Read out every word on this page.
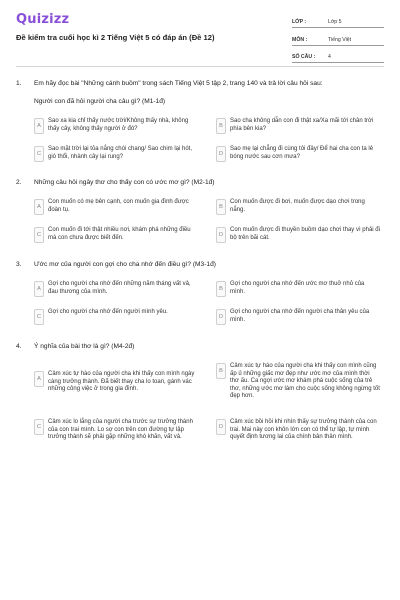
Quizizz
Đề kiểm tra cuối học kì 2 Tiếng Việt 5 có đáp án (Đề 12)
LỚP :	Lớp 5
MÔN :	Tiếng Việt
SỐ CÂU :	4
1. Em hãy đọc bài "Những cánh buồm" trong sách Tiếng Việt 5 tập 2, trang 140 và trả lời câu hỏi sau:
Người con đã hỏi người cha câu gì? (M1-1đ)
A
Sao xa kia chỉ thấy nước trời/Không thấy nhà, không thấy cây, không thấy người ở đó?	B
Sao cha không dẫn con đi thật xa/Xa mãi tới chân trời phía bên kia?
C
Sao mặt trời lại tỏa nắng chói chang/ Sao chim lại hót, gió thổi, nhành cây lại rung?	D
Sao mẹ lại chẳng đi cùng tôi đây/ Để hai cha con ta lẻ bóng nước sau cơn mưa?
2. Những câu hỏi ngây thơ cho thấy con có ước mơ gì? (M2-1đ)
A
Con muốn có mẹ bên cạnh, con muốn gia đình được đoàn tụ.	B
Con muốn được đi bơi, muốn được dạo chơi trong nắng.
C
Con muốn đi tới thật nhiều nơi, khám phá những điều mà con chưa được biết đến.	D
Con muốn được đi thuyền buồm dạo chơi thay vì phải đi bộ trên bãi cát.
3. Ước mơ của người con gợi cho cha nhớ đến điều gì? (M3-1đ)
A
Gợi cho người cha nhớ đến những năm tháng vất vả, đau thương của mình.	B
Gợi cho người cha nhớ đến ước mơ thuở nhỏ của mình.
C
Gợi cho người cha nhớ đến người mình yêu.
D
Gợi cho người cha nhớ đến người cha thân yêu của mình.
4. Ý nghĩa của bài thơ là gì? (M4-2đ)
A
Cảm xúc tự hào của người cha khi thấy con mình ngày càng trưởng thành. Đã biết thay cha lo toan, gánh vác những công việc ở trong gia đình.
B
Cảm xúc tự hào của người cha khi thấy con mình cũng ấp ủ những giấc mơ đẹp như ước mơ của mình thời thơ ấu. Ca ngợi ước mơ khám phá cuộc sống của trẻ thơ, những ước mơ làm cho cuộc sống không ngừng tốt đẹp hơn.
C
Cảm xúc lo lắng của người cha trước sự trưởng thành của con trai mình. Lo sợ con trên con đường tự lập trưởng thành sẽ phải gặp những khó khăn, vất vả.
D
Cảm xúc bồi hồi khi nhìn thấy sự trưởng thành của con trai. Mai này con khôn lớn con có thể tự lập, tự mình quyết định tương lai của chính bản thân mình.
